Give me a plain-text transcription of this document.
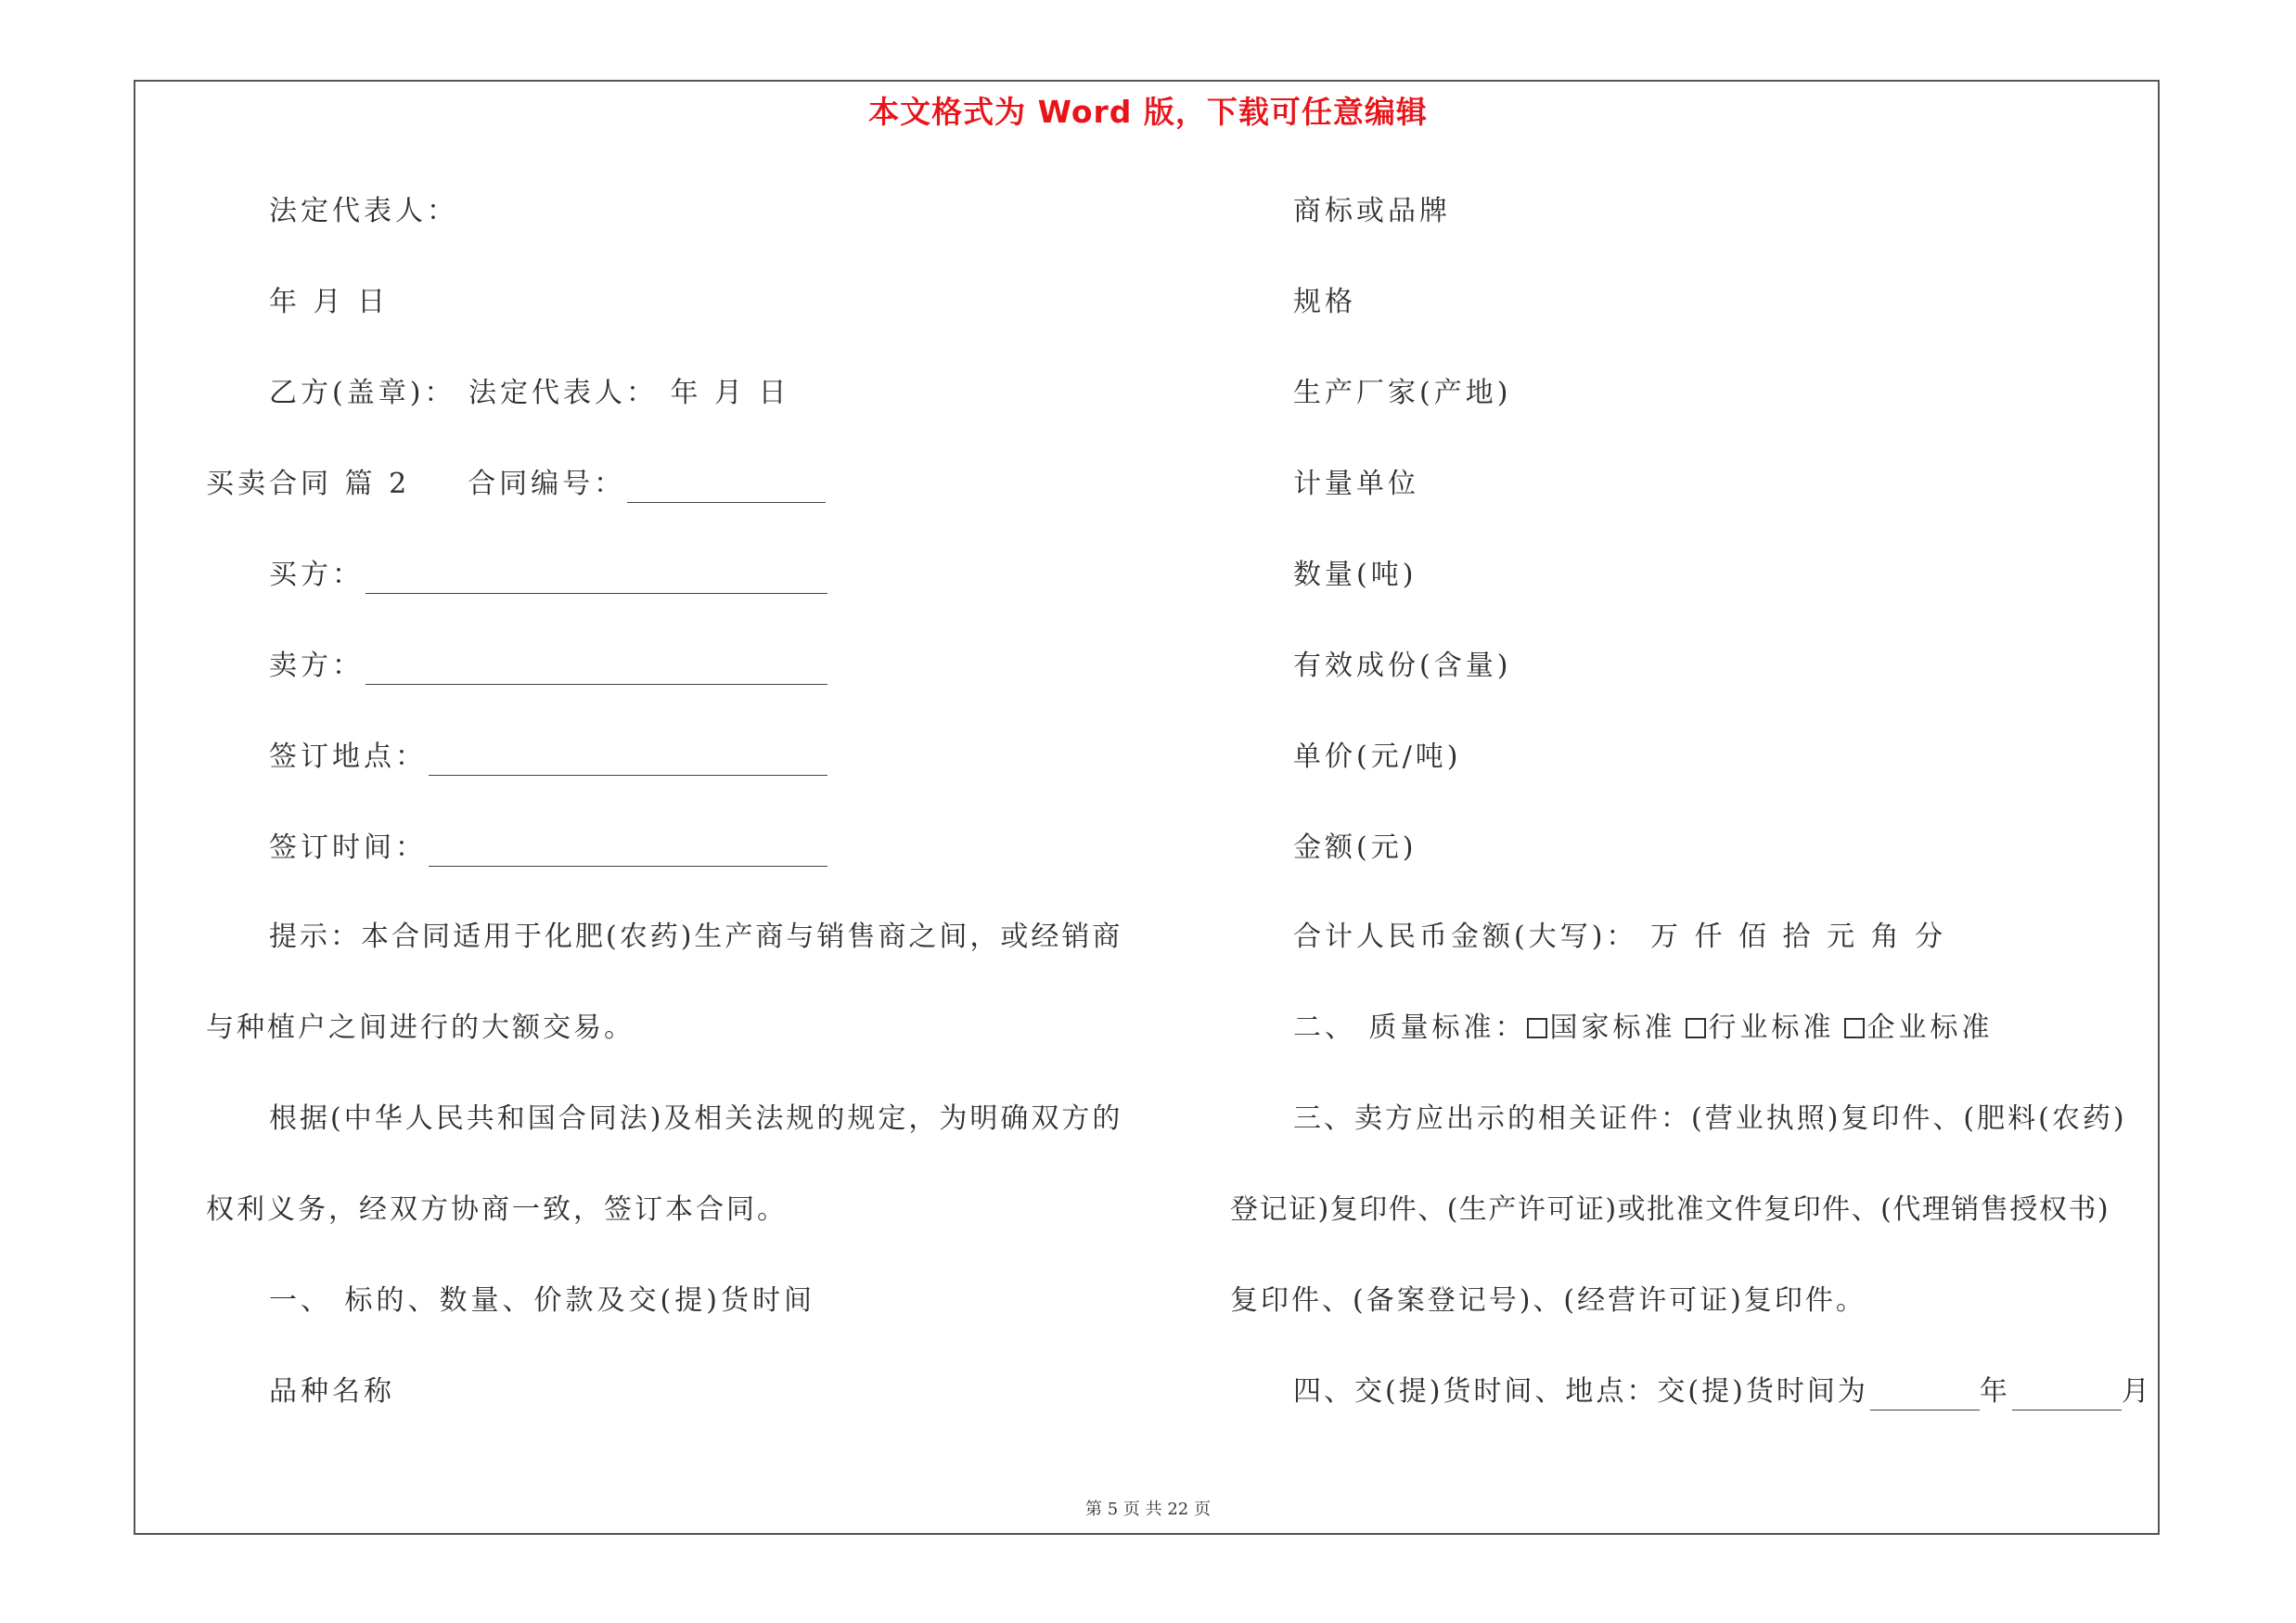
本文格式为 Word 版，下载可任意编辑
法定代表人：
年 月 日
乙方(盖章)： 法定代表人： 年 月 日
买卖合同 篇 2 合同编号：
买方：
卖方：
签订地点：
签订时间：
提示：本合同适用于化肥(农药)生产商与销售商之间，或经销商
与种植户之间进行的大额交易。
根据(中华人民共和国合同法)及相关法规的规定，为明确双方的
权利义务，经双方协商一致，签订本合同。
一、 标的、数量、价款及交(提)货时间
品种名称
商标或品牌
规格
生产厂家(产地)
计量单位
数量(吨)
有效成份(含量)
单价(元/吨)
金额(元)
合计人民币金额(大写)： 万 仟 佰 拾 元 角 分
二、 质量标准： 国家标准 行业标准 企业标准
三、卖方应出示的相关证件：(营业执照)复印件、(肥料(农药)
登记证)复印件、(生产许可证)或批准文件复印件、(代理销售授权书)
复印件、(备案登记号)、(经营许可证)复印件。
四、交(提)货时间、地点：交(提)货时间为	年	月
第 5 页 共 22 页
